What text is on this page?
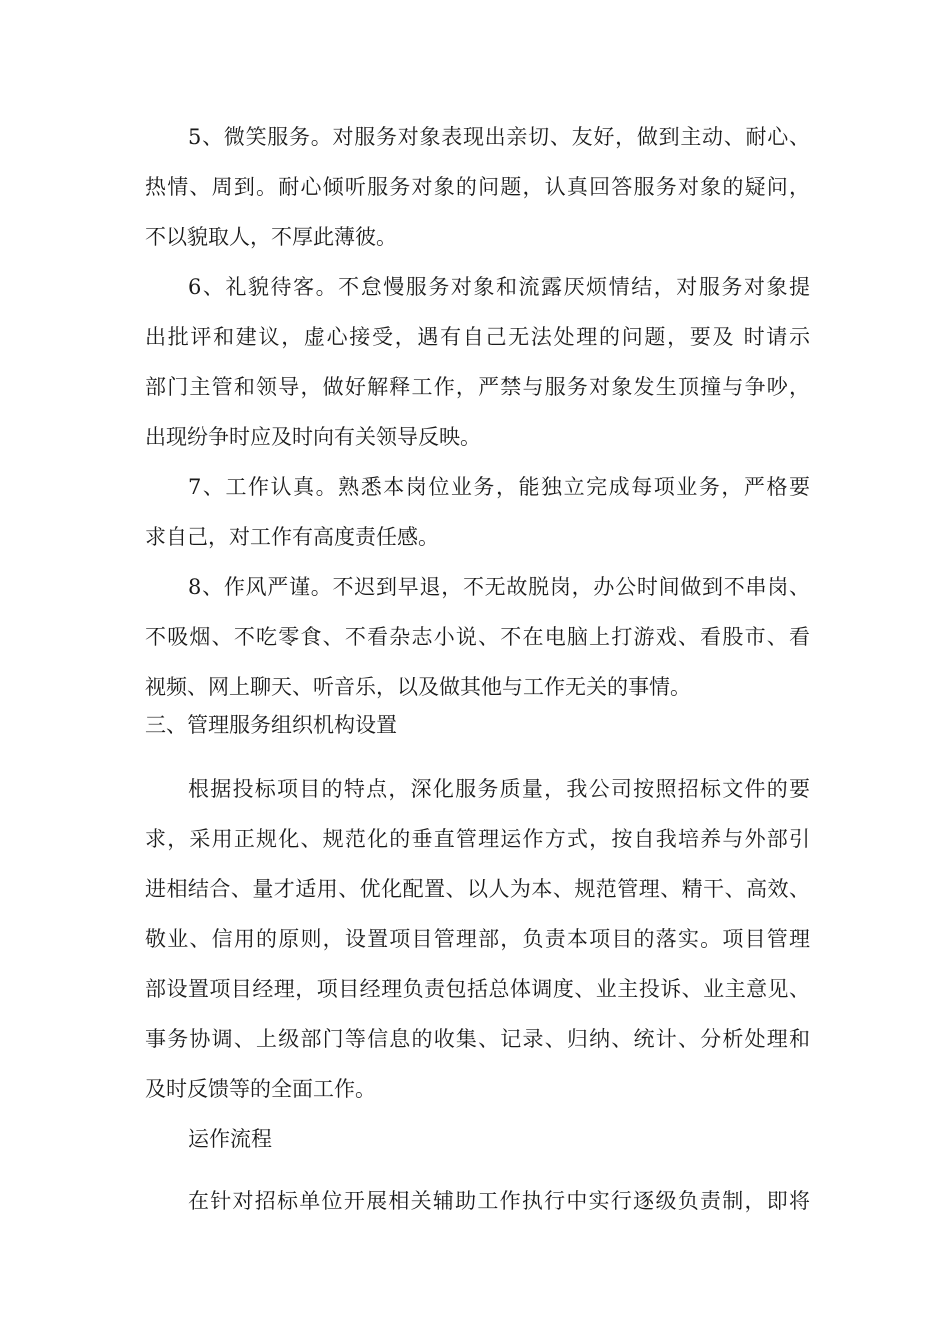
5、微笑服务。对服务对象表现出亲切、友好，做到主动、耐心、
热情、周到。耐心倾听服务对象的问题，认真回答服务对象的疑问，
不以貌取人，不厚此薄彼。
6、礼貌待客。不怠慢服务对象和流露厌烦情结，对服务对象提
出批评和建议，虚心接受，遇有自己无法处理的问题，要及 时请示
部门主管和领导，做好解释工作，严禁与服务对象发生顶撞与争吵，
出现纷争时应及时向有关领导反映。
7、工作认真。熟悉本岗位业务，能独立完成每项业务，严格要
求自己，对工作有高度责任感。
8、作风严谨。不迟到早退，不无故脱岗，办公时间做到不串岗、
不吸烟、不吃零食、不看杂志小说、不在电脑上打游戏、看股市、看
视频、网上聊天、听音乐，以及做其他与工作无关的事情。
三、管理服务组织机构设置
根据投标项目的特点，深化服务质量，我公司按照招标文件的要
求，采用正规化、规范化的垂直管理运作方式，按自我培养与外部引
进相结合、量才适用、优化配置、以人为本、规范管理、精干、高效、
敬业、信用的原则，设置项目管理部，负责本项目的落实。项目管理
部设置项目经理，项目经理负责包括总体调度、业主投诉、业主意见、
事务协调、上级部门等信息的收集、记录、归纳、统计、分析处理和
及时反馈等的全面工作。
运作流程
在针对招标单位开展相关辅助工作执行中实行逐级负责制，即将
